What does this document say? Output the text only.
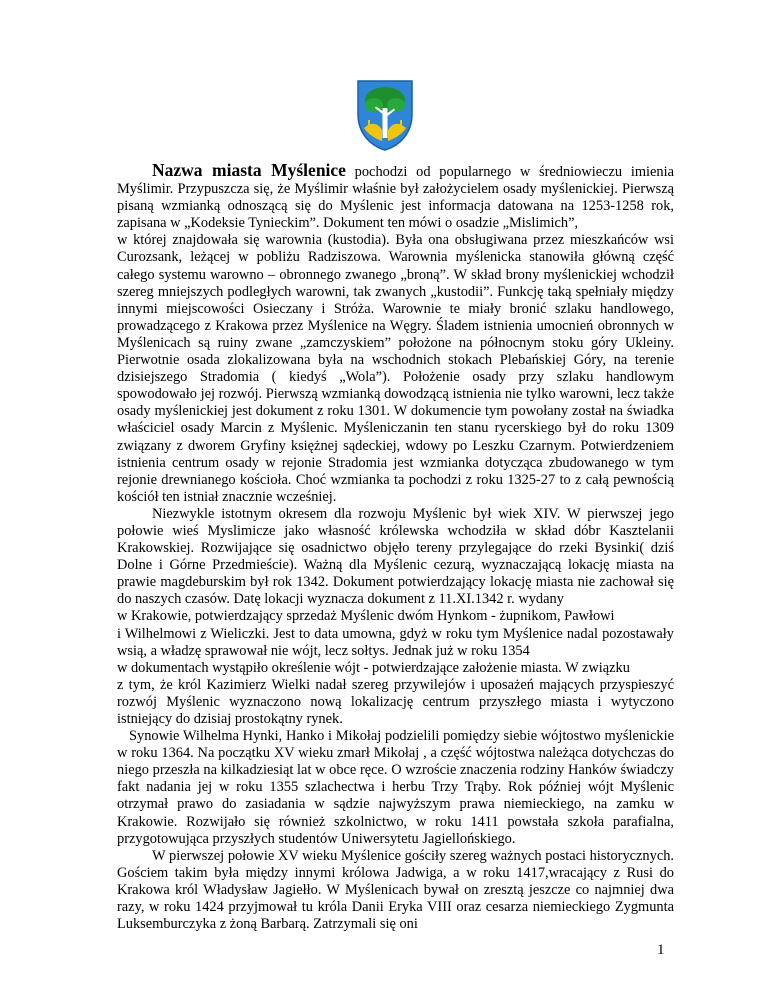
Nazwa miasta Myślenice pochodzi od popularnego w średniowieczu imienia Myślimir. Przypuszcza się, że Myślimir właśnie był założycielem osady myślenickiej. Pierwszą pisaną wzmianką odnoszącą się do Myślenic jest informacja datowana na 1253-1258 rok, zapisana w „Kodeksie Tynieckim”. Dokument ten mówi o osadzie „Mislimich”,
w której znajdowała się warownia (kustodia). Była ona obsługiwana przez mieszkańców wsi Curozsank, leżącej w pobliżu Radziszowa. Warownia myślenicka stanowiła główną część całego systemu warowno – obronnego zwanego „broną”. W skład brony myślenickiej wchodził szereg mniejszych podległych warowni, tak zwanych „kustodii”. Funkcję taką spełniały między innymi miejscowości Osieczany i Stróża. Warownie te miały bronić szlaku handlowego, prowadzącego z Krakowa przez Myślenice na Węgry. Śladem istnienia umocnień obronnych w Myślenicach są ruiny zwane „zamczyskiem” położone na północnym stoku góry Ukleiny. Pierwotnie osada zlokalizowana była na wschodnich stokach Plebańskiej Góry, na terenie dzisiejszego Stradomia ( kiedyś „Wola”). Położenie osady przy szlaku handlowym spowodowało jej rozwój. Pierwszą wzmianką dowodzącą istnienia nie tylko warowni, lecz także osady myślenickiej jest dokument z roku 1301. W dokumencie tym powołany został na świadka właściciel osady Marcin z Myślenic. Myśleniczanin ten stanu rycerskiego był do roku 1309 związany z dworem Gryfiny księżnej sądeckiej, wdowy po Leszku Czarnym. Potwierdzeniem istnienia centrum osady w rejonie Stradomia jest wzmianka dotycząca zbudowanego w tym rejonie drewnianego kościoła. Choć wzmianka ta pochodzi z roku 1325-27 to z całą pewnością kościół ten istniał znacznie wcześniej.

Niezwykle istotnym okresem dla rozwoju Myślenic był wiek XIV. W pierwszej jego połowie wieś Myslimicze jako własność królewska wchodziła w skład dóbr Kasztelanii Krakowskiej. Rozwijające się osadnictwo objęło tereny przylegające do rzeki Bysinki( dziś Dolne i Górne Przedmieście). Ważną dla Myślenic cezurą, wyznaczającą lokację miasta na prawie magdeburskim był rok 1342. Dokument potwierdzający lokację miasta nie zachował się do naszych czasów. Datę lokacji wyznacza dokument z 11.XI.1342 r. wydany
w Krakowie, potwierdzający sprzedaż Myślenic dwóm Hynkom - żupnikom, Pawłowi
i Wilhelmowi z Wieliczki. Jest to data umowna, gdyż w roku tym Myślenice nadal pozostawały wsią, a władzę sprawował nie wójt, lecz sołtys. Jednak już w roku 1354
w dokumentach wystąpiło określenie wójt - potwierdzające założenie miasta. W związku
z tym, że król Kazimierz Wielki nadał szereg przywilejów i uposażeń mających przyspieszyć rozwój Myślenic wyznaczono nową lokalizację centrum przyszłego miasta i wytyczono istniejący do dzisiaj prostokątny rynek.

Synowie Wilhelma Hynki, Hanko i Mikołaj podzielili pomiędzy siebie wójtostwo myślenickie w roku 1364. Na początku XV wieku zmarł Mikołaj , a część wójtostwa należąca dotychczas do niego przeszła na kilkadziesiąt lat w obce ręce. O wzroście znaczenia rodziny Hanków świadczy fakt nadania jej w roku 1355 szlachectwa i herbu Trzy Trąby. Rok później wójt Myślenic otrzymał prawo do zasiadania w sądzie najwyższym prawa niemieckiego, na zamku w Krakowie. Rozwijało się również szkolnictwo, w roku 1411 powstała szkoła parafialna, przygotowująca przyszłych studentów Uniwersytetu Jagiellońskiego.

W pierwszej połowie XV wieku Myślenice gościły szereg ważnych postaci historycznych. Gościem takim była między innymi królowa Jadwiga, a w roku 1417,wracający z Rusi do Krakowa król Władysław Jagiełło. W Myślenicach bywał on zresztą jeszcze co najmniej dwa razy, w roku 1424 przyjmował tu króla Danii Eryka VIII oraz cesarza niemieckiego Zygmunta Luksemburczyka z żoną Barbarą. Zatrzymali się oni

1
